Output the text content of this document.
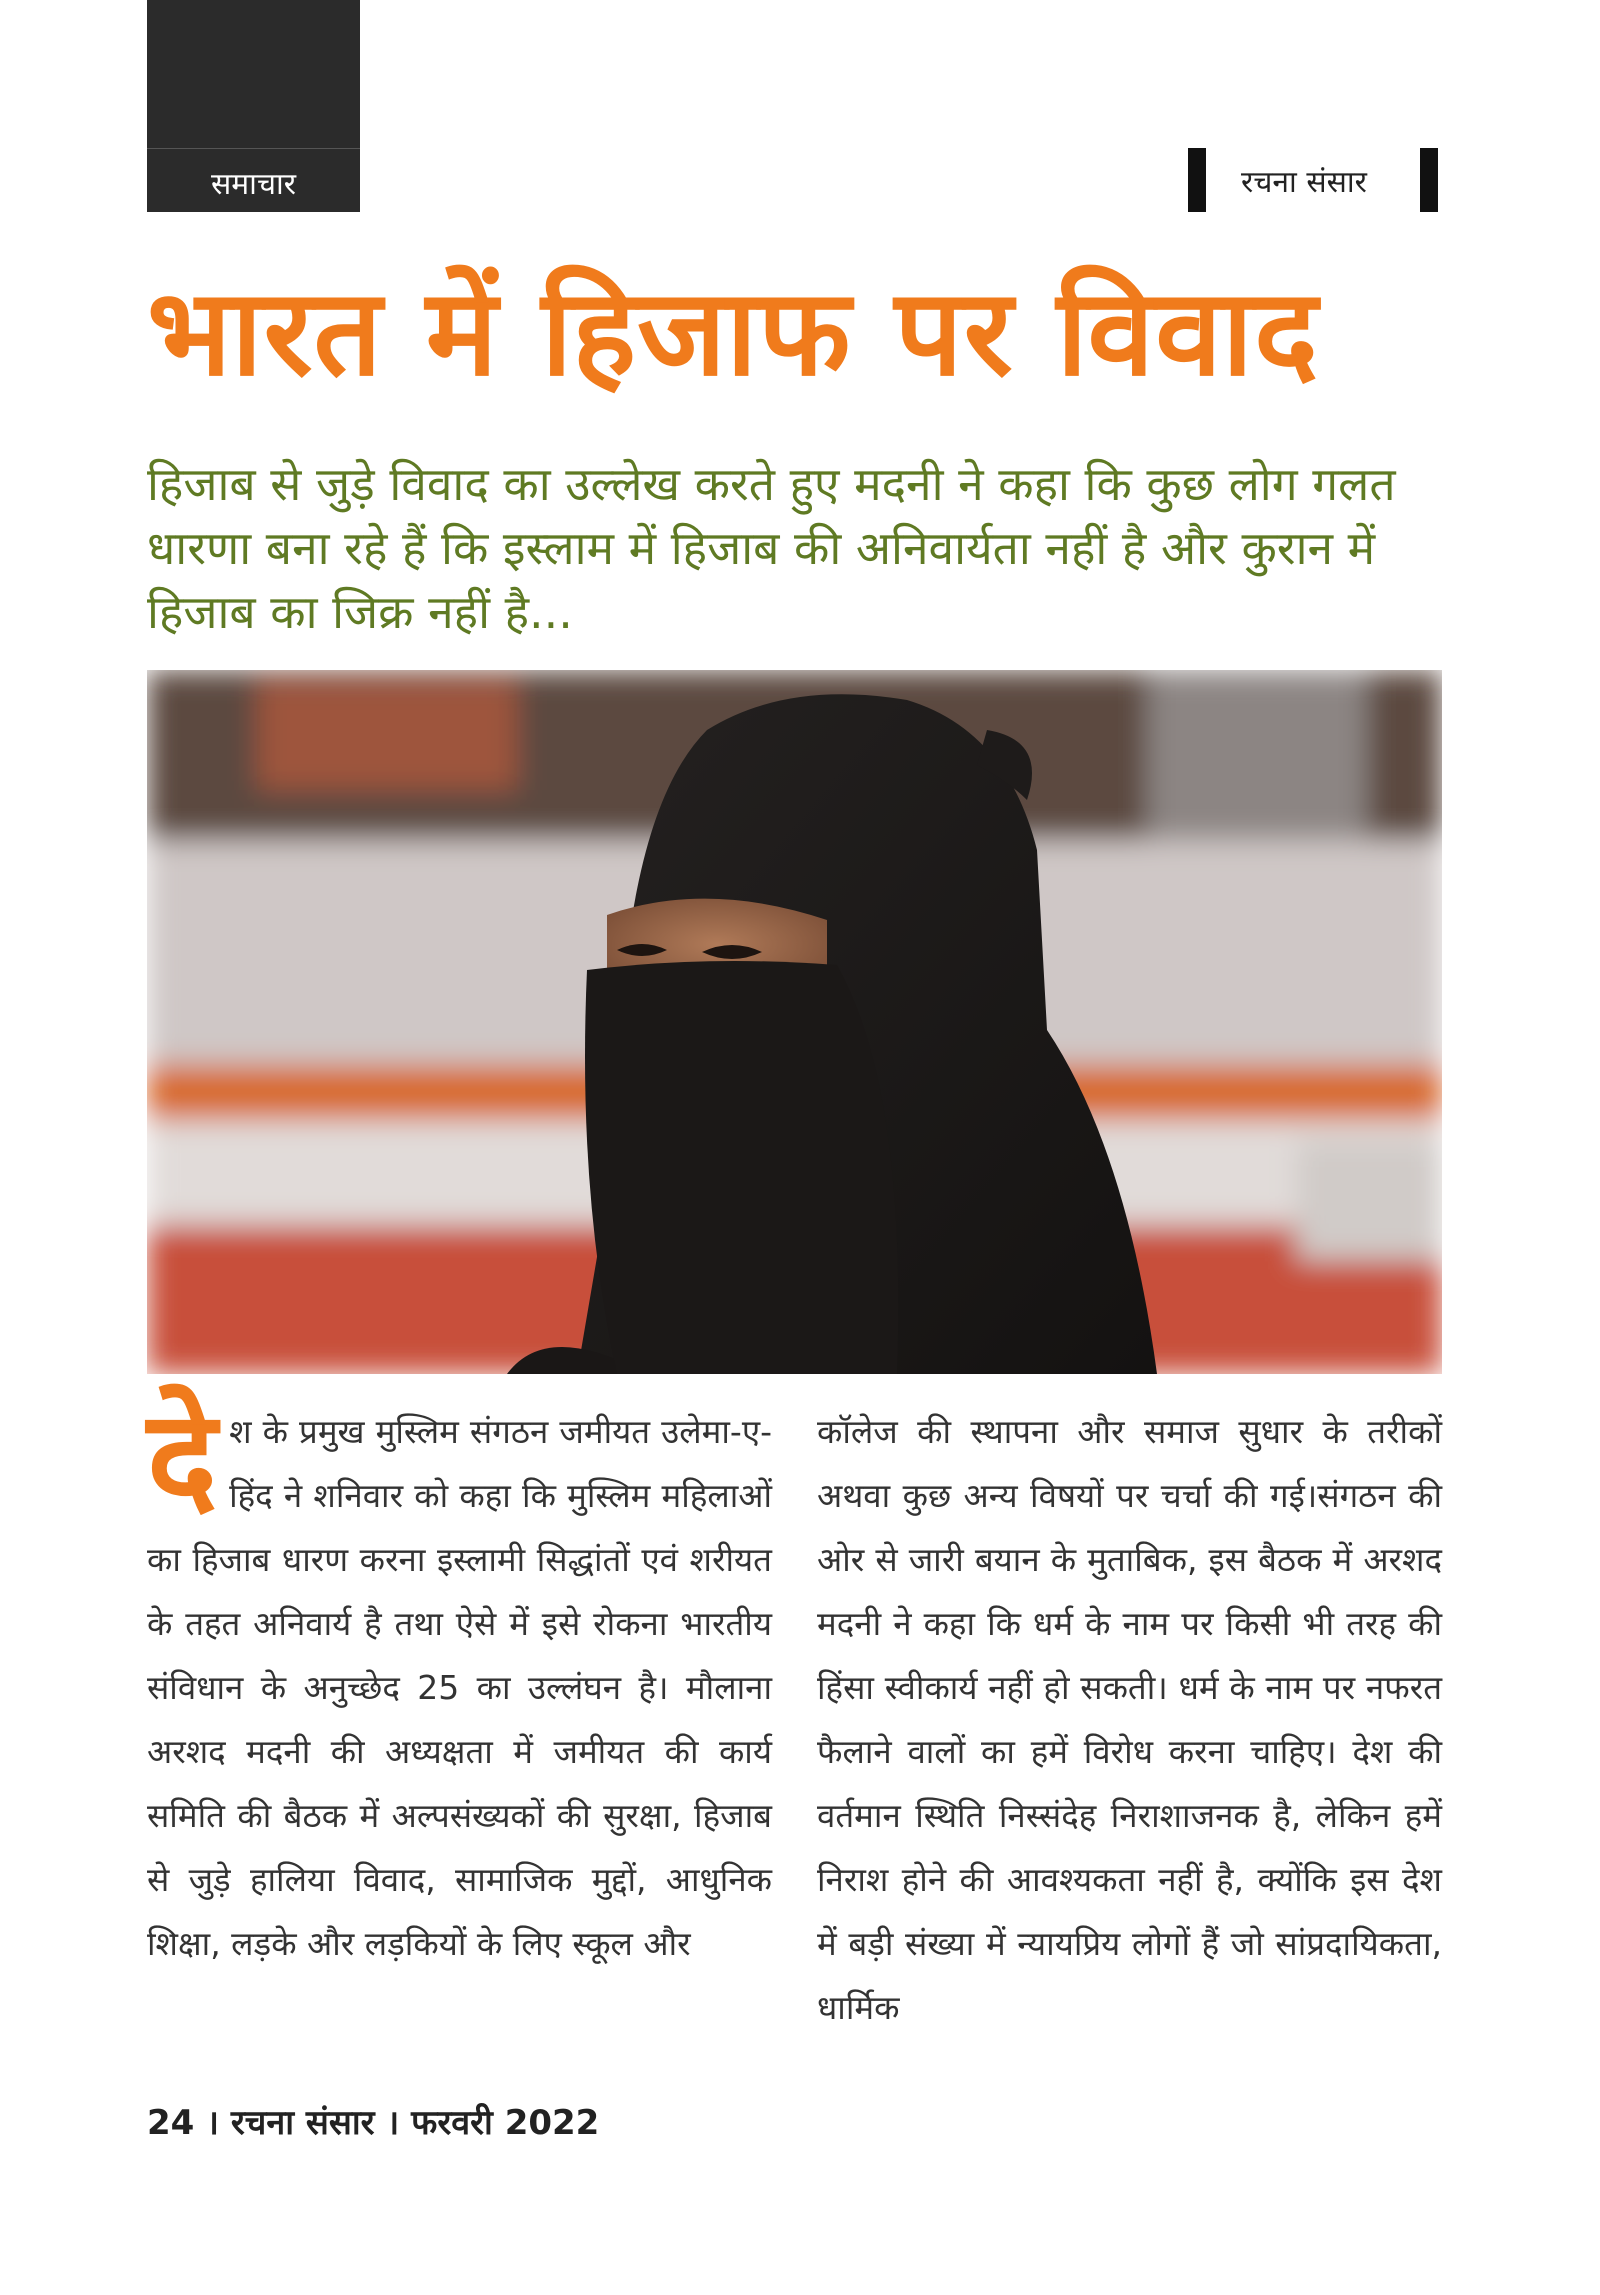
समाचार	रचना संसार
भारत में हिजाफ पर विवाद
हिजाब से जुड़े विवाद का उल्लेख करते हुए मदनी ने कहा कि कुछ लोग गलत धारणा बना रहे हैं कि इस्लाम में हिजाब की अनिवार्यता नहीं है और कुरान में हिजाब का जिक्र नहीं है...
दे श के प्रमुख मुस्लिम संगठन जमीयत उलेमा-ए-हिंद ने शनिवार को कहा कि मुस्लिम महिलाओं का हिजाब धारण करना इस्लामी सिद्धांतों एवं शरीयत के तहत अनिवार्य है तथा ऐसे में इसे रोकना भारतीय संविधान के अनुच्छेद 25 का उल्लंघन है। मौलाना अरशद मदनी की अध्यक्षता में जमीयत की कार्य समिति की बैठक में अल्पसंख्यकों की सुरक्षा, हिजाब से जुड़े हालिया विवाद, सामाजिक मुद्दों, आधुनिक शिक्षा, लड़के और लड़कियों के लिए स्कूल और
कॉलेज की स्थापना और समाज सुधार के तरीकों अथवा कुछ अन्य विषयों पर चर्चा की गई।संगठन की ओर से जारी बयान के मुताबिक, इस बैठक में अरशद मदनी ने कहा कि धर्म के नाम पर किसी भी तरह की हिंसा स्वीकार्य नहीं हो सकती। धर्म के नाम पर नफरत फैलाने वालों का हमें विरोध करना चाहिए। देश की वर्तमान स्थिति निस्संदेह निराशाजनक है, लेकिन हमें निराश होने की आवश्यकता नहीं है, क्योंकि इस देश में बड़ी संख्या में न्यायप्रिय लोगों हैं जो सांप्रदायिकता, धार्मिक
24 । रचना संसार । फरवरी 2022
